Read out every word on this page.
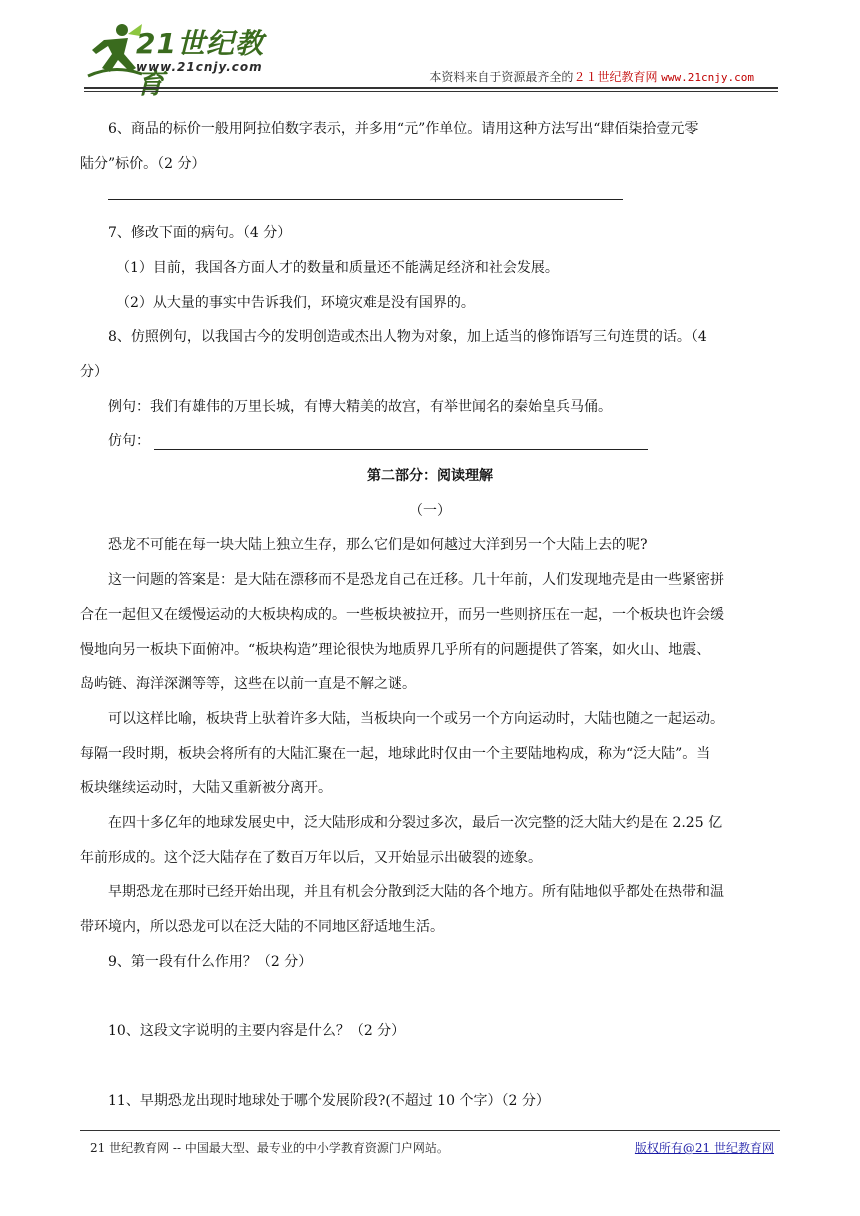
21世纪教育
www.21cnjy.com
本资料来自于资源最齐全的２１世纪教育网 www.21cnjy.com

6、商品的标价一般用阿拉伯数字表示，并多用“元”作单位。请用这种方法写出“肆佰柒拾壹元零

陆分”标价。（2 分）

7、修改下面的病句。（4 分）

（1）目前，我国各方面人才的数量和质量还不能满足经济和社会发展。

（2）从大量的事实中告诉我们，环境灾难是没有国界的。

8、仿照例句，以我国古今的发明创造或杰出人物为对象，加上适当的修饰语写三句连贯的话。（4

分）

例句：我们有雄伟的万里长城，有博大精美的故宫，有举世闻名的秦始皇兵马俑。

仿句：

第二部分：阅读理解

（一）

恐龙不可能在每一块大陆上独立生存，那么它们是如何越过大洋到另一个大陆上去的呢?

这一问题的答案是：是大陆在漂移而不是恐龙自己在迁移。几十年前，人们发现地壳是由一些紧密拼

合在一起但又在缓慢运动的大板块构成的。一些板块被拉开，而另一些则挤压在一起，一个板块也许会缓

慢地向另一板块下面俯冲。“板块构造”理论很快为地质界几乎所有的问题提供了答案，如火山、地震、

岛屿链、海洋深渊等等，这些在以前一直是不解之谜。

可以这样比喻，板块背上驮着许多大陆，当板块向一个或另一个方向运动时，大陆也随之一起运动。

每隔一段时期，板块会将所有的大陆汇聚在一起，地球此时仅由一个主要陆地构成，称为“泛大陆”。当

板块继续运动时，大陆又重新被分离开。

在四十多亿年的地球发展史中，泛大陆形成和分裂过多次，最后一次完整的泛大陆大约是在 2.25 亿

年前形成的。这个泛大陆存在了数百万年以后，又开始显示出破裂的迹象。

早期恐龙在那时已经开始出现，并且有机会分散到泛大陆的各个地方。所有陆地似乎都处在热带和温

带环境内，所以恐龙可以在泛大陆的不同地区舒适地生活。

9、第一段有什么作用？（2 分）

10、这段文字说明的主要内容是什么？（2 分）

11、早期恐龙出现时地球处于哪个发展阶段?(不超过 10 个字）（2 分）

21 世纪教育网 -- 中国最大型、最专业的中小学教育资源门户网站。	版权所有@21 世纪教育网
